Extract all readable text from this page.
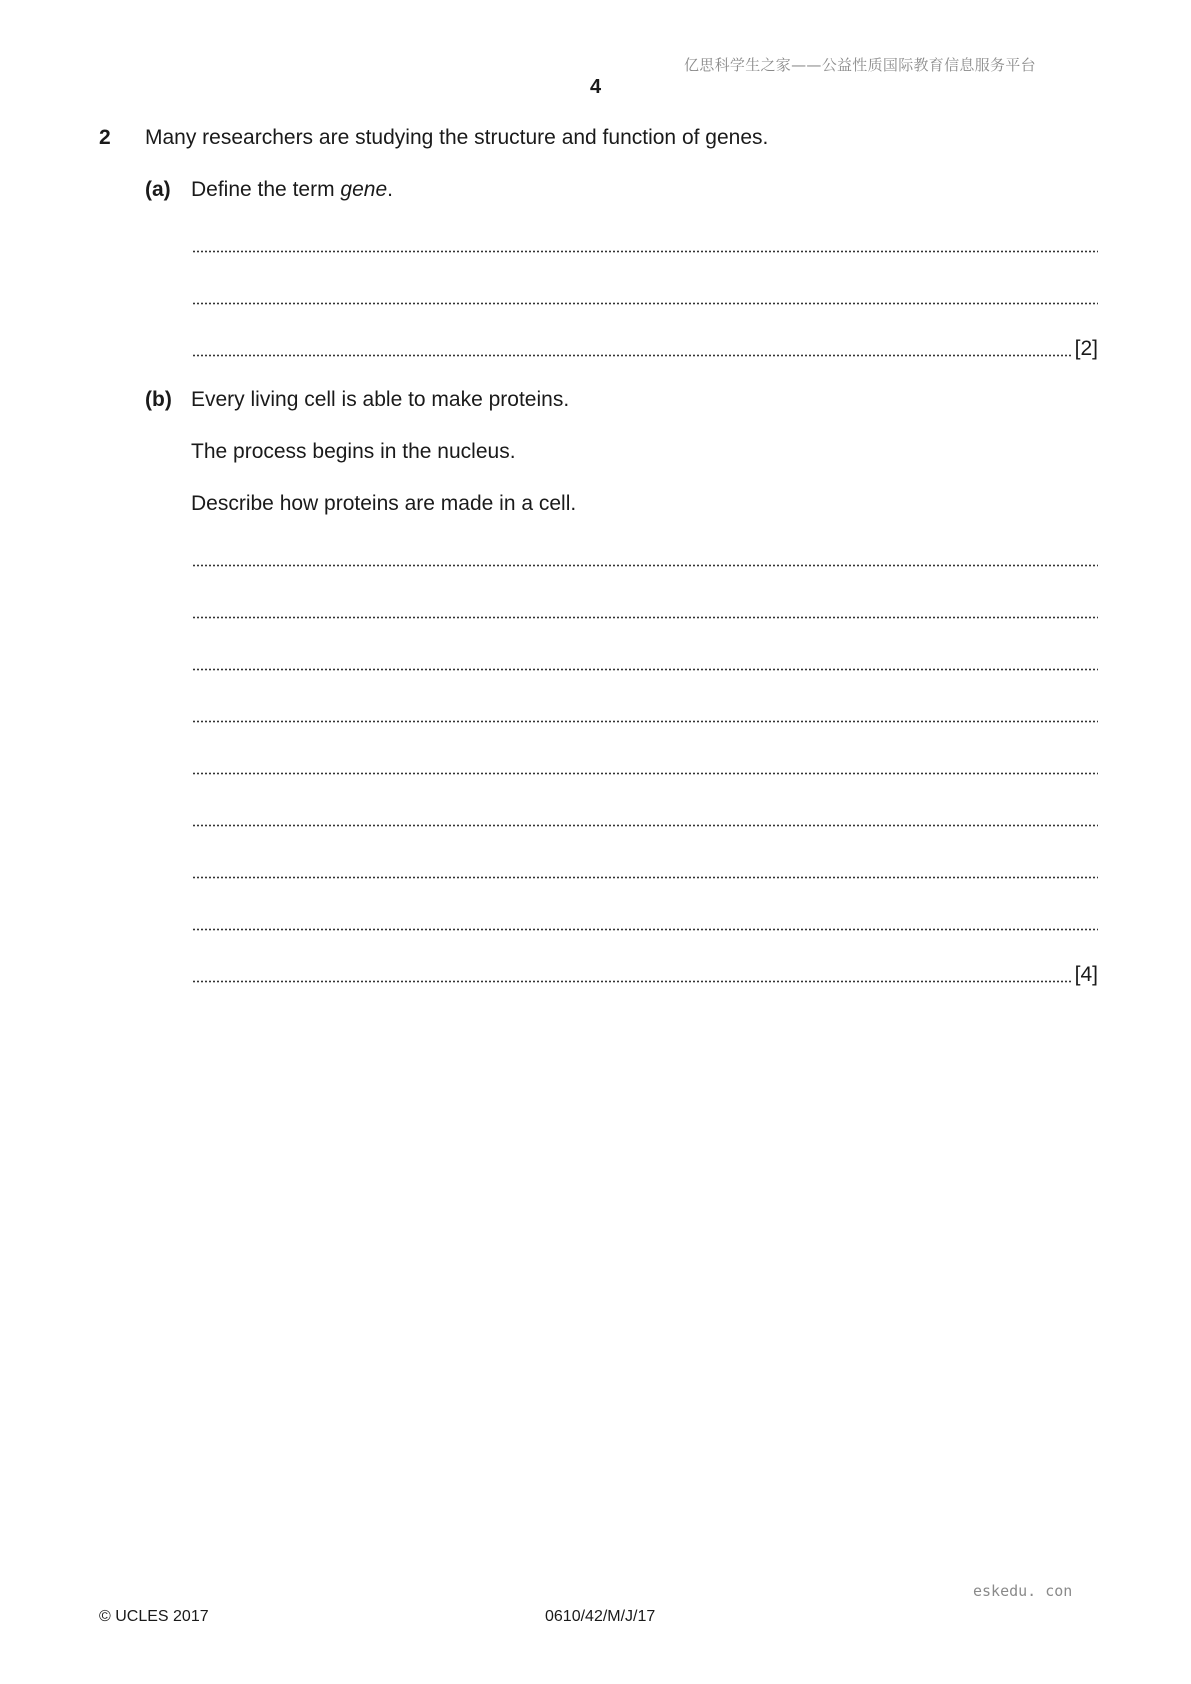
亿思科学生之家——公益性质国际教育信息服务平台
4
2 Many researchers are studying the structure and function of genes.
(a) Define the term gene.
[2]
(b) Every living cell is able to make proteins.
The process begins in the nucleus.
Describe how proteins are made in a cell.
[4]
eskedu. con
© UCLES 2017	0610/42/M/J/17
